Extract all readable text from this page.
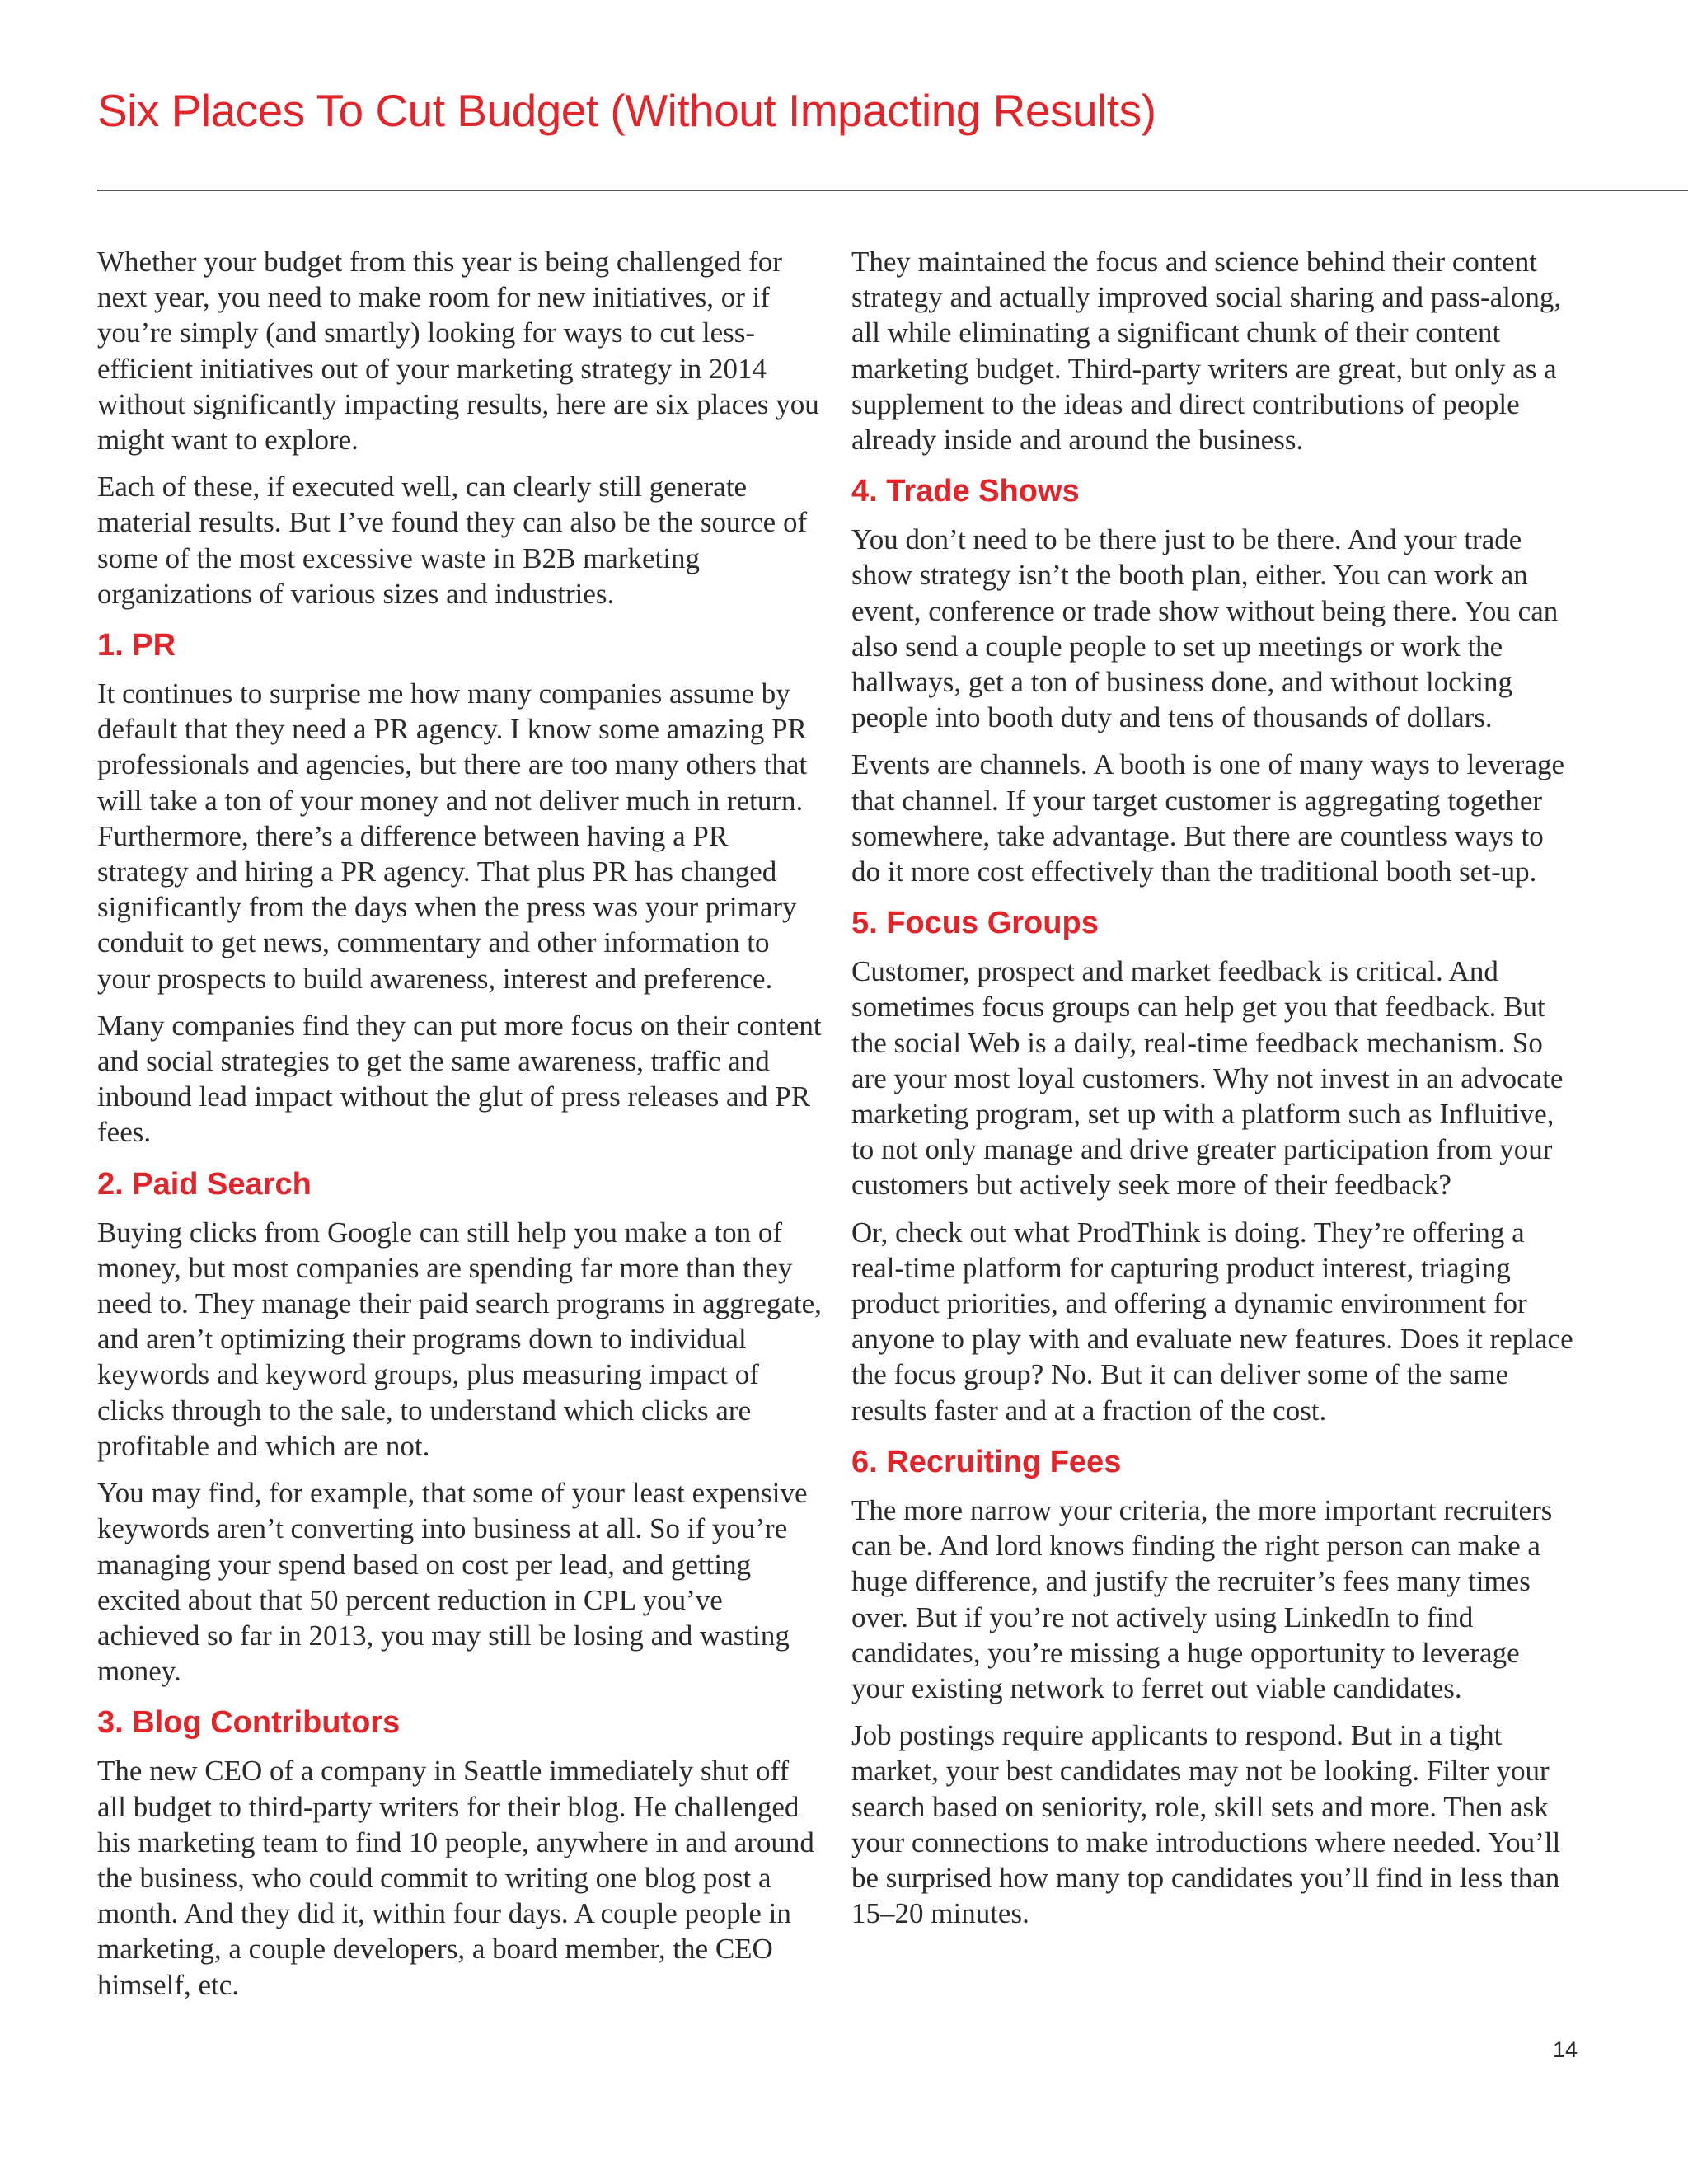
Six Places To Cut Budget (Without Impacting Results)

Whether your budget from this year is being challenged for next year, you need to make room for new initiatives, or if you’re simply (and smartly) looking for ways to cut less-efficient initiatives out of your marketing strategy in 2014 without significantly impacting results, here are six places you might want to explore.

Each of these, if executed well, can clearly still generate material results. But I’ve found they can also be the source of some of the most excessive waste in B2B marketing organizations of various sizes and industries.

1. PR

It continues to surprise me how many companies assume by default that they need a PR agency. I know some amazing PR professionals and agencies, but there are too many others that will take a ton of your money and not deliver much in return. Furthermore, there’s a difference between having a PR strategy and hiring a PR agency. That plus PR has changed significantly from the days when the press was your primary conduit to get news, commentary and other information to your prospects to build awareness, interest and preference.

Many companies find they can put more focus on their content and social strategies to get the same awareness, traffic and inbound lead impact without the glut of press releases and PR fees.

2. Paid Search

Buying clicks from Google can still help you make a ton of money, but most companies are spending far more than they need to. They manage their paid search programs in aggregate, and aren’t optimizing their programs down to individual keywords and keyword groups, plus measuring impact of clicks through to the sale, to understand which clicks are profitable and which are not.

You may find, for example, that some of your least expensive keywords aren’t converting into business at all. So if you’re managing your spend based on cost per lead, and getting excited about that 50 percent reduction in CPL you’ve achieved so far in 2013, you may still be losing and wasting money.

3. Blog Contributors

The new CEO of a company in Seattle immediately shut off all budget to third-party writers for their blog. He challenged his marketing team to find 10 people, anywhere in and around the business, who could commit to writing one blog post a month. And they did it, within four days. A couple people in marketing, a couple developers, a board member, the CEO himself, etc.

They maintained the focus and science behind their content strategy and actually improved social sharing and pass-along, all while eliminating a significant chunk of their content marketing budget. Third-party writers are great, but only as a supplement to the ideas and direct contributions of people already inside and around the business.

4. Trade Shows

You don’t need to be there just to be there. And your trade show strategy isn’t the booth plan, either. You can work an event, conference or trade show without being there. You can also send a couple people to set up meetings or work the hallways, get a ton of business done, and without locking people into booth duty and tens of thousands of dollars.

Events are channels. A booth is one of many ways to leverage that channel. If your target customer is aggregating together somewhere, take advantage. But there are countless ways to do it more cost effectively than the traditional booth set-up.

5. Focus Groups

Customer, prospect and market feedback is critical. And sometimes focus groups can help get you that feedback. But the social Web is a daily, real-time feedback mechanism. So are your most loyal customers. Why not invest in an advocate marketing program, set up with a platform such as Influitive, to not only manage and drive greater participation from your customers but actively seek more of their feedback?

Or, check out what ProdThink is doing. They’re offering a real-time platform for capturing product interest, triaging product priorities, and offering a dynamic environment for anyone to play with and evaluate new features. Does it replace the focus group? No. But it can deliver some of the same results faster and at a fraction of the cost.

6. Recruiting Fees

The more narrow your criteria, the more important recruiters can be. And lord knows finding the right person can make a huge difference, and justify the recruiter’s fees many times over. But if you’re not actively using LinkedIn to find candidates, you’re missing a huge opportunity to leverage your existing network to ferret out viable candidates.

Job postings require applicants to respond. But in a tight market, your best candidates may not be looking. Filter your search based on seniority, role, skill sets and more. Then ask your connections to make introductions where needed. You’ll be surprised how many top candidates you’ll find in less than 15–20 minutes.

14
